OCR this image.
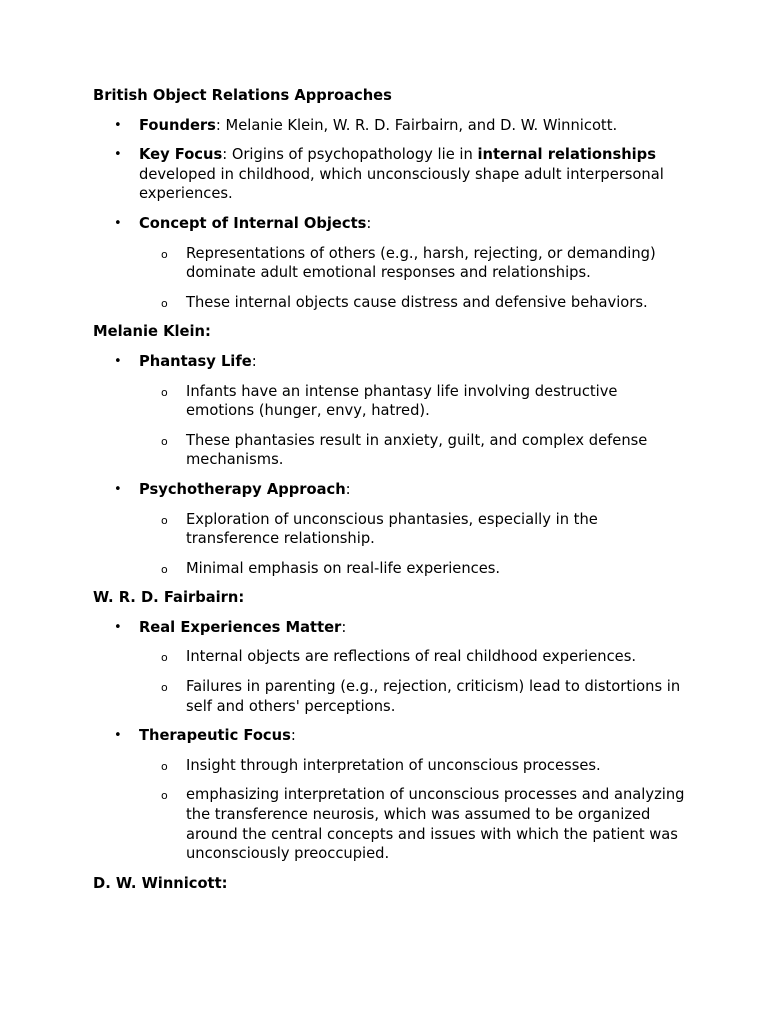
British Object Relations Approaches
• Founders: Melanie Klein, W. R. D. Fairbairn, and D. W. Winnicott.
• Key Focus: Origins of psychopathology lie in internal relationships developed in childhood, which unconsciously shape adult interpersonal experiences.
• Concept of Internal Objects:
o Representations of others (e.g., harsh, rejecting, or demanding) dominate adult emotional responses and relationships.
o These internal objects cause distress and defensive behaviors.
Melanie Klein:
• Phantasy Life:
o Infants have an intense phantasy life involving destructive emotions (hunger, envy, hatred).
o These phantasies result in anxiety, guilt, and complex defense mechanisms.
• Psychotherapy Approach:
o Exploration of unconscious phantasies, especially in the transference relationship.
o Minimal emphasis on real-life experiences.
W. R. D. Fairbairn:
• Real Experiences Matter:
o Internal objects are reflections of real childhood experiences.
o Failures in parenting (e.g., rejection, criticism) lead to distortions in self and others' perceptions.
• Therapeutic Focus:
o Insight through interpretation of unconscious processes.
o emphasizing interpretation of unconscious processes and analyzing the transference neurosis, which was assumed to be organized around the central concepts and issues with which the patient was unconsciously preoccupied.
D. W. Winnicott:
